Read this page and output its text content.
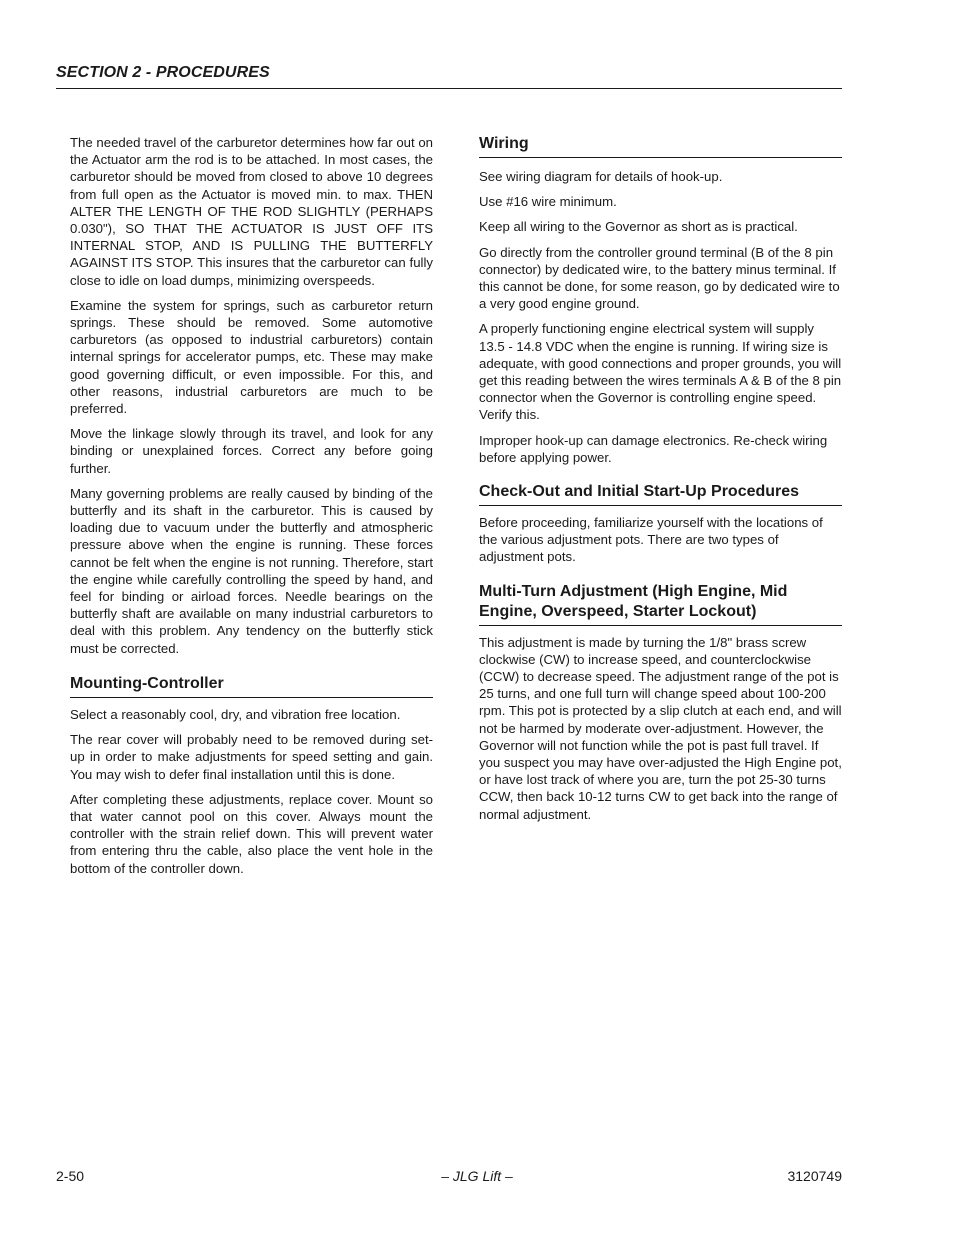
SECTION 2 - PROCEDURES

The needed travel of the carburetor determines how far out on the Actuator arm the rod is to be attached. In most cases, the carburetor should be moved from closed to above 10 degrees from full open as the Actuator is moved min. to max. THEN ALTER THE LENGTH OF THE ROD SLIGHTLY (PERHAPS 0.030"), SO THAT THE ACTUATOR IS JUST OFF ITS INTERNAL STOP, AND IS PULLING THE BUTTERFLY AGAINST ITS STOP. This insures that the carburetor can fully close to idle on load dumps, minimizing overspeeds.

Examine the system for springs, such as carburetor return springs. These should be removed. Some automotive carburetors (as opposed to industrial carburetors) contain internal springs for accelerator pumps, etc. These may make good governing difficult, or even impossible. For this, and other reasons, industrial carburetors are much to be preferred.

Move the linkage slowly through its travel, and look for any binding or unexplained forces. Correct any before going further.

Many governing problems are really caused by binding of the butterfly and its shaft in the carburetor. This is caused by loading due to vacuum under the butterfly and atmospheric pressure above when the engine is running. These forces cannot be felt when the engine is not running. Therefore, start the engine while carefully controlling the speed by hand, and feel for binding or airload forces. Needle bearings on the butterfly shaft are available on many industrial carburetors to deal with this problem. Any tendency on the butterfly stick must be corrected.

Mounting-Controller

Select a reasonably cool, dry, and vibration free location.

The rear cover will probably need to be removed during set-up in order to make adjustments for speed setting and gain. You may wish to defer final installation until this is done.

After completing these adjustments, replace cover. Mount so that water cannot pool on this cover. Always mount the controller with the strain relief down. This will prevent water from entering thru the cable, also place the vent hole in the bottom of the controller down.

Wiring

See wiring diagram for details of hook-up.

Use #16 wire minimum.

Keep all wiring to the Governor as short as is practical.

Go directly from the controller ground terminal (B of the 8 pin connector) by dedicated wire, to the battery minus terminal. If this cannot be done, for some reason, go by dedicated wire to a very good engine ground.

A properly functioning engine electrical system will supply 13.5 - 14.8 VDC when the engine is running. If wiring size is adequate, with good connections and proper grounds, you will get this reading between the wires terminals A & B of the 8 pin connector when the Governor is controlling engine speed. Verify this.

Improper hook-up can damage electronics. Re-check wiring before applying power.

Check-Out and Initial Start-Up Procedures

Before proceeding, familiarize yourself with the locations of the various adjustment pots. There are two types of adjustment pots.

Multi-Turn Adjustment (High Engine, Mid Engine, Overspeed, Starter Lockout)

This adjustment is made by turning the 1/8" brass screw clockwise (CW) to increase speed, and counterclockwise (CCW) to decrease speed. The adjustment range of the pot is 25 turns, and one full turn will change speed about 100-200 rpm. This pot is protected by a slip clutch at each end, and will not be harmed by moderate over-adjustment. However, the Governor will not function while the pot is past full travel. If you suspect you may have over-adjusted the High Engine pot, or have lost track of where you are, turn the pot 25-30 turns CCW, then back 10-12 turns CW to get back into the range of normal adjustment.

2-50	– JLG Lift –	3120749
